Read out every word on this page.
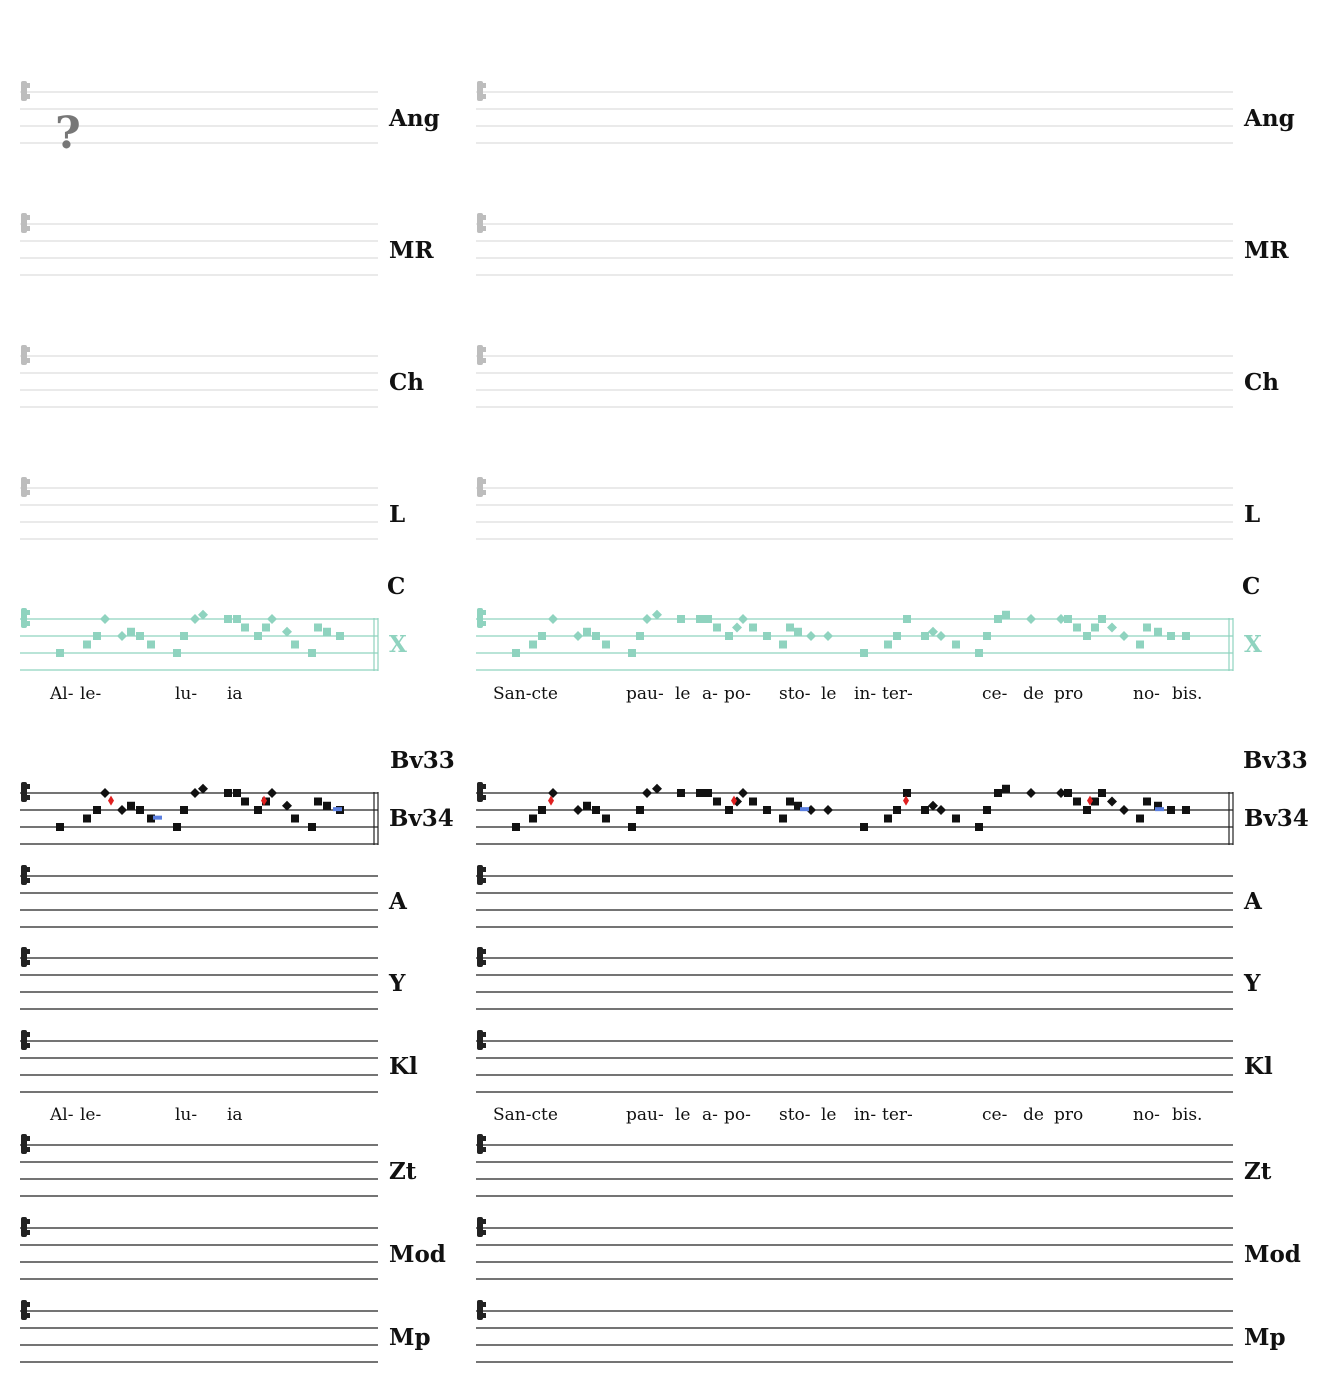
?	Ang	Ang
MR	MR
Ch	Ch
L	L
C	C
X	X
Bv33	Bv33
Bv34	Bv34
A	A
Y	Y
Kl	Kl
Zt	Zt
Mod	Mod
Mp	Mp
Al- le-	lu- ia	San-cte	pau- le a- po- sto- le in- ter-	ce- de pro	no- bis.
Al- le-	lu- ia	San-cte	pau- le a- po- sto- le in- ter-	ce- de pro	no- bis.
